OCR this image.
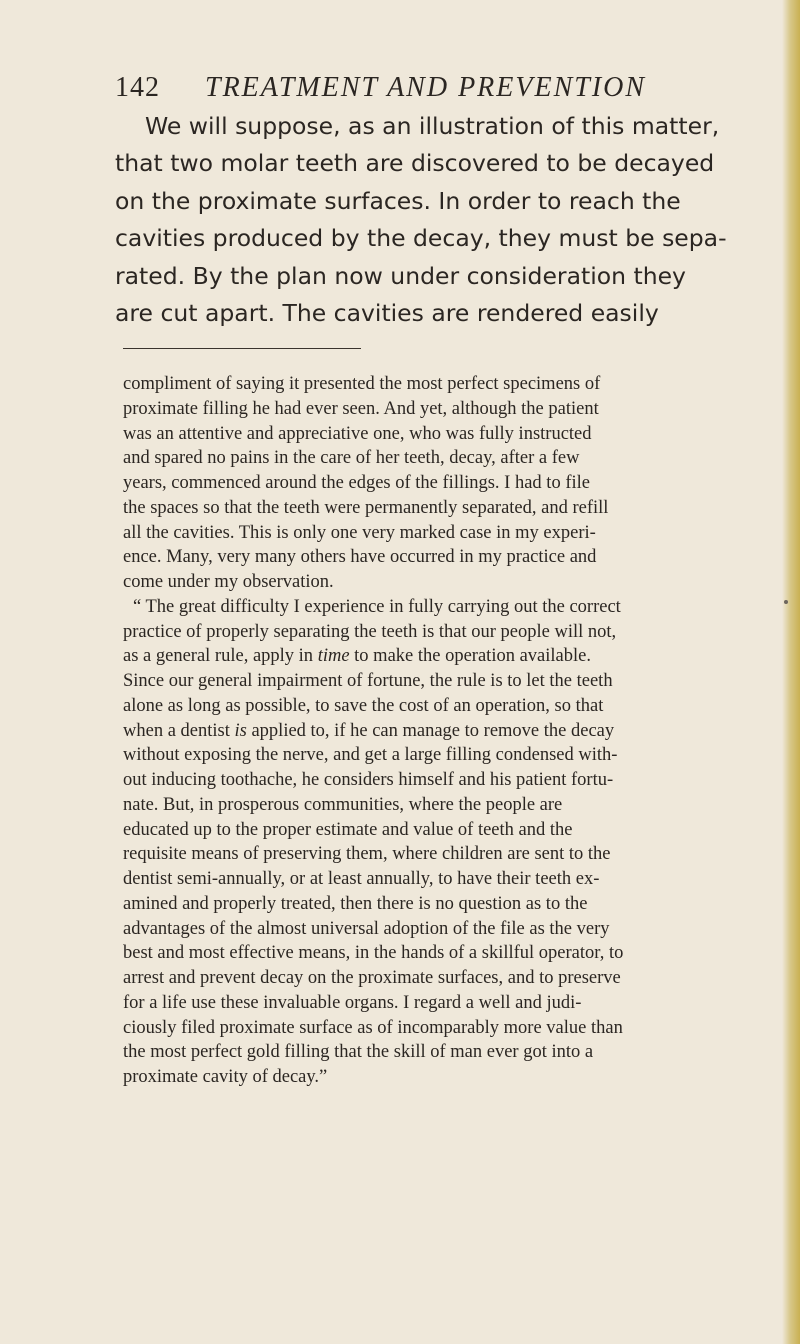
142 TREATMENT AND PREVENTION
We will suppose, as an illustration of this matter,
that two molar teeth are discovered to be decayed
on the proximate surfaces. In order to reach the
cavities produced by the decay, they must be sepa-
rated. By the plan now under consideration they
are cut apart. The cavities are rendered easily
compliment of saying it presented the most perfect specimens of
proximate filling he had ever seen. And yet, although the patient
was an attentive and appreciative one, who was fully instructed
and spared no pains in the care of her teeth, decay, after a few
years, commenced around the edges of the fillings. I had to file
the spaces so that the teeth were permanently separated, and refill
all the cavities. This is only one very marked case in my experi-
ence. Many, very many others have occurred in my practice and
come under my observation.
“ The great difficulty I experience in fully carrying out the correct
practice of properly separating the teeth is that our people will not,
as a general rule, apply in time to make the operation available.
Since our general impairment of fortune, the rule is to let the teeth
alone as long as possible, to save the cost of an operation, so that
when a dentist is applied to, if he can manage to remove the decay
without exposing the nerve, and get a large filling condensed with-
out inducing toothache, he considers himself and his patient fortu-
nate. But, in prosperous communities, where the people are
educated up to the proper estimate and value of teeth and the
requisite means of preserving them, where children are sent to the
dentist semi-annually, or at least annually, to have their teeth ex-
amined and properly treated, then there is no question as to the
advantages of the almost universal adoption of the file as the very
best and most effective means, in the hands of a skillful operator, to
arrest and prevent decay on the proximate surfaces, and to preserve
for a life use these invaluable organs. I regard a well and judi-
ciously filed proximate surface as of incomparably more value than
the most perfect gold filling that the skill of man ever got into a
proximate cavity of decay.”
